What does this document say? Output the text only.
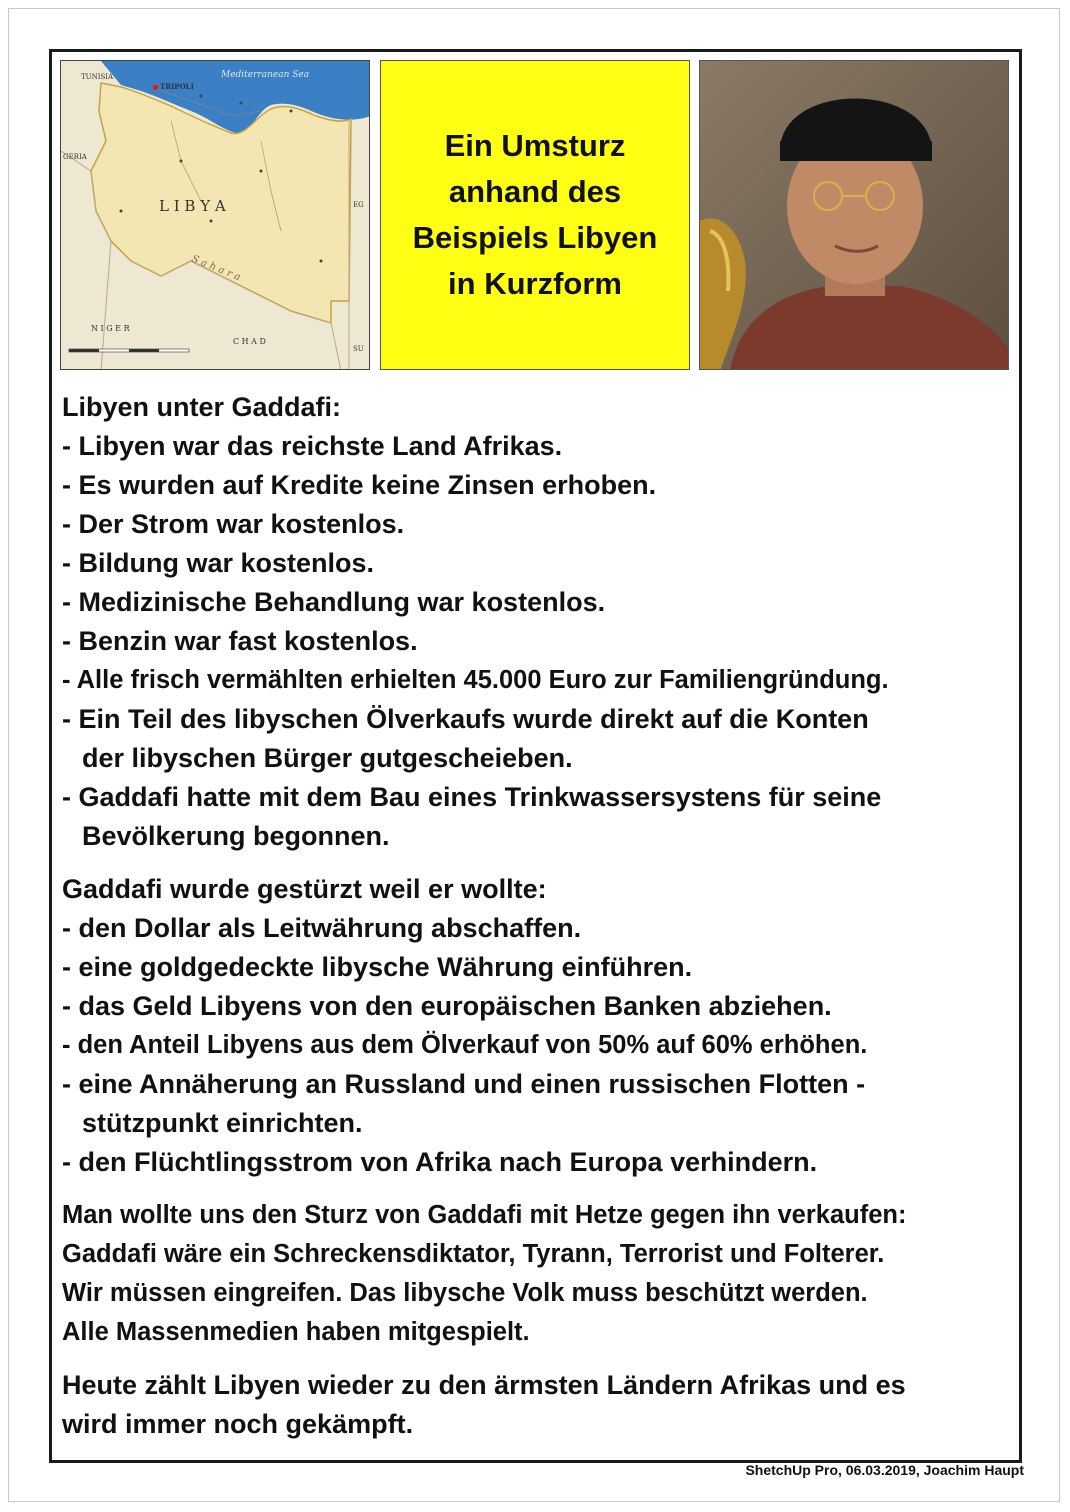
TUNISIA
TRIPOLI
Mediterranean Sea
GERIA
L I B Y A
S a h a r a
N I G E R
C H A D
SU
EG
Ein Umsturz
anhand des
Beispiels Libyen
in Kurzform
Libyen unter Gaddafi:
- Libyen war das reichste Land Afrikas.
- Es wurden auf Kredite keine Zinsen erhoben.
- Der Strom war kostenlos.
- Bildung war kostenlos.
- Medizinische Behandlung war kostenlos.
- Benzin war fast kostenlos.
- Alle frisch vermählten erhielten 45.000 Euro zur Familiengründung.
- Ein Teil des libyschen Ölverkaufs wurde direkt auf die Konten
der libyschen Bürger gutgescheieben.
- Gaddafi hatte mit dem Bau eines Trinkwassersystens für seine
Bevölkerung begonnen.
Gaddafi wurde gestürzt weil er wollte:
- den Dollar als Leitwährung abschaffen.
- eine goldgedeckte libysche Währung einführen.
- das Geld Libyens von den europäischen Banken abziehen.
- den Anteil Libyens aus dem Ölverkauf von 50% auf 60% erhöhen.
- eine Annäherung an Russland und einen russischen Flotten -
stützpunkt einrichten.
- den Flüchtlingsstrom von Afrika nach Europa verhindern.
Man wollte uns den Sturz von Gaddafi mit Hetze gegen ihn verkaufen:
Gaddafi wäre ein Schreckensdiktator, Tyrann, Terrorist und Folterer.
Wir müssen eingreifen. Das libysche Volk muss beschützt werden.
Alle Massenmedien haben mitgespielt.
Heute zählt Libyen wieder zu den ärmsten Ländern Afrikas und es
wird immer noch gekämpft.
ShetchUp Pro, 06.03.2019, Joachim Haupt
